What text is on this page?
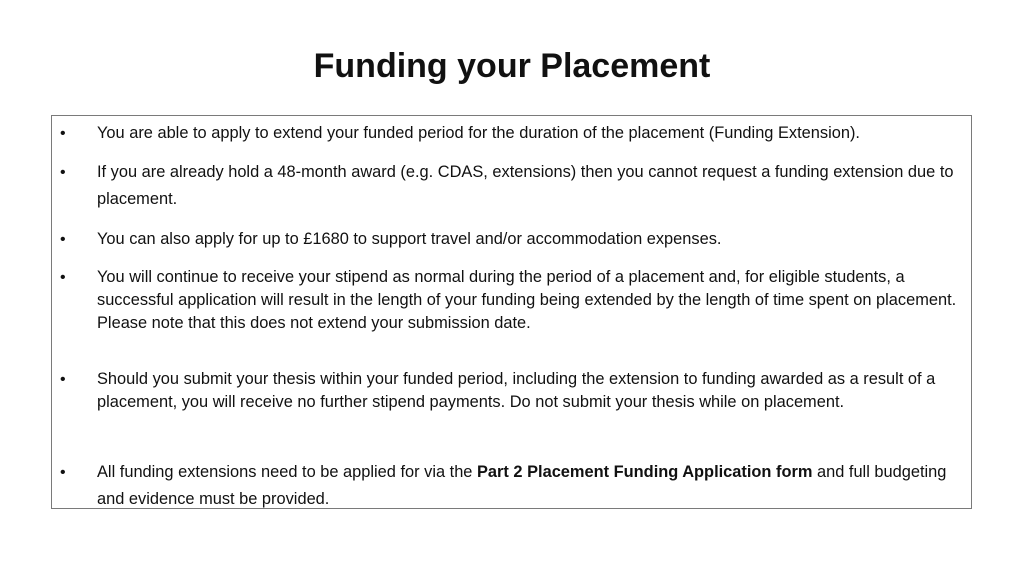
Funding your Placement
• You are able to apply to extend your funded period for the duration of the placement (Funding Extension).

• If you are already hold a 48-month award (e.g. CDAS, extensions) then you cannot request a funding extension due to placement.

• You can also apply for up to £1680 to support travel and/or accommodation expenses.

• You will continue to receive your stipend as normal during the period of a placement and, for eligible students, a successful application will result in the length of your funding being extended by the length of time spent on placement. Please note that this does not extend your submission date.

• Should you submit your thesis within your funded period, including the extension to funding awarded as a result of a placement, you will receive no further stipend payments. Do not submit your thesis while on placement.

• All funding extensions need to be applied for via the Part 2 Placement Funding Application form and full budgeting and evidence must be provided.
